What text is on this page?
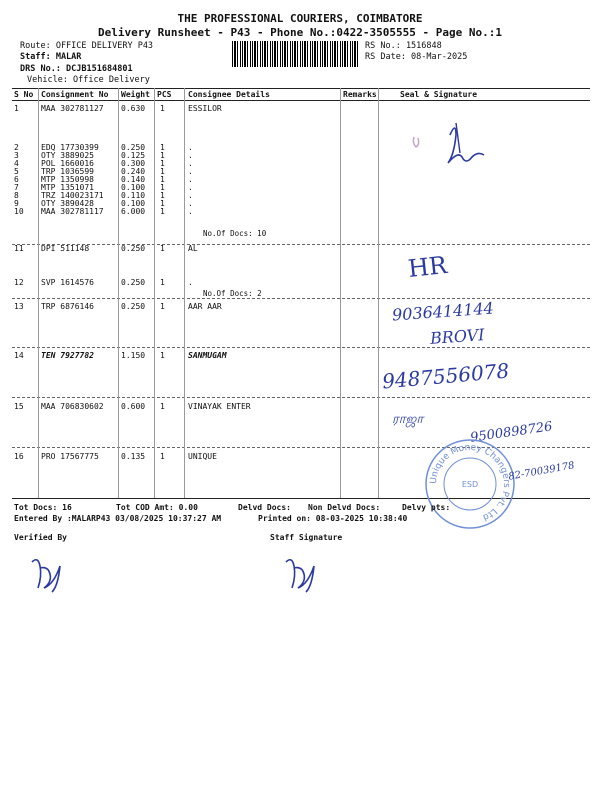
THE PROFESSIONAL COURIERS, COIMBATORE
Delivery Runsheet - P43 - Phone No.:0422-3505555 - Page No.:1
Route: OFFICE DELIVERY P43
Staff: MALAR
DRS No.: DCJB151684801
Vehicle: Office Delivery
RS No.: 1516848
RS Date: 08-Mar-2025
S No Consignment No Weight PCS Consignee Details	Remarks	Seal & Signature
1	MAA 302781127 0.630 1	ESSILOR
2	EDQ 17730399	0.250 1	.
3	OTY 3889025	0.125 1	.
4	POL 1660016	0.300 1	.
5	TRP 1036599	0.240 1	.
6	MTP 1350998	0.140 1	.
7	MTP 1351071	0.100 1	.
8	TRZ 140023171 0.110 1	.
9	OTY 3890428	0.100 1	.
10 MAA 302781117 6.000 1	.
11 DPI 511148	0.250 1	AL
12 SVP 1614576	0.250 1	.
13 TRP 6876146	0.250 1	AAR AAR
14 TEN 7927782	1.150 1	SANMUGAM
15 MAA 706830602 0.600 1	VINAYAK ENTER
16 PRO 17567775	0.135 1	UNIQUE
No.Of Docs: 10
No.Of Docs: 2
HR
9036414144
BROVI
9487556078
ராஜா	9500898726
Unique Money Changers Pvt. Ltd
ESD
82-70039178
Tot Docs: 16	Tot COD Amt: 0.00	Delvd Docs: Non Delvd Docs:	Delvy pts:
Entered By :MALARP43 03/08/2025 10:37:27 AM	Printed on: 08-03-2025 10:38:40
Verified By	Staff Signature
